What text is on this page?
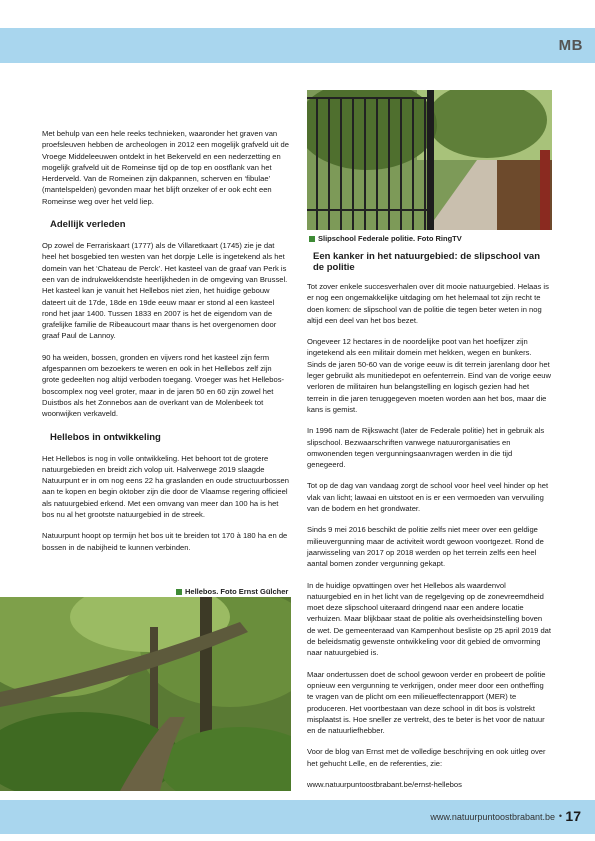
MB
Slipschool Federale politie. Foto RingTV

Met behulp van een hele reeks technieken, waaronder het graven van proefsleuven hebben de archeologen in 2012 een mogelijk grafveld uit de Vroege Middeleeuwen ontdekt in het Bekerveld en een nederzetting en mogelijk grafveld uit de Romeinse tijd op de top en oostflank van het Herderveld. Van de Romeinen zijn dakpannen, scherven en ‘fibulae’ (mantelspelden) gevonden maar het blijft onzeker of er ook echt een Romeinse weg over het veld liep.

Adellijk verleden

Op zowel de Ferrariskaart (1777) als de Villaretkaart (1745) zie je dat heel het bosgebied ten westen van het dorpje Lelle is ingetekend als het domein van het ‘Chateau de Perck’. Het kasteel van de graaf van Perk is een van de indrukwekkendste heerlijkheden in de omgeving van Brussel. Het kasteel kan je vanuit het Hellebos niet zien, het huidige gebouw dateert uit de 17de, 18de en 19de eeuw maar er stond al een kasteel rond het jaar 1400. Tussen 1833 en 2007 is het de eigendom van de grafelijke familie de Ribeaucourt maar thans is het overgenomen door graaf Paul de Lannoy.

90 ha weiden, bossen, gronden en vijvers rond het kasteel zijn ferm afgespannen om bezoekers te weren en ook in het Hellebos zelf zijn grote gedeelten nog altijd verboden toegang. Vroeger was het Hellebos-boscomplex nog veel groter, maar in de jaren 50 en 60 zijn zowel het Duistbos als het Zonnebos aan de overkant van de Molenbeek tot woonwijken verkaveld.

Hellebos in ontwikkeling

Het Hellebos is nog in volle ontwikkeling. Het behoort tot de grotere natuurgebieden en breidt zich volop uit. Halverwege 2019 slaagde Natuurpunt er in om nog eens 22 ha graslanden en oude structuurbossen aan te kopen en begin oktober zijn die door de Vlaamse regering officieel als natuurgebied erkend. Met een omvang van meer dan 100 ha is het bos nu al het grootste natuurgebied in de streek.

Natuurpunt hoopt op termijn het bos uit te breiden tot 170 à 180 ha en de bossen in de nabijheid te kunnen verbinden.

Hellebos. Foto Ernst Gülcher
Een kanker in het natuurgebied: de slipschool van de politie

Tot zover enkele succesverhalen over dit mooie natuurgebied. Helaas is er nog een ongemakkelijke uitdaging om het helemaal tot zijn recht te doen komen: de slipschool van de politie die tegen beter weten in nog altijd een deel van het bos bezet.

Ongeveer 12 hectares in de noordelijke poot van het hoefijzer zijn ingetekend als een militair domein met hekken, wegen en bunkers. Sinds de jaren 50-60 van de vorige eeuw is dit terrein jarenlang door het leger gebruikt als munitiedepot en oefenterrein. Eind van de vorige eeuw verloren de militairen hun belangstelling en logisch gezien had het terrein in die jaren teruggegeven moeten worden aan het bos, maar die kans is gemist.

In 1996 nam de Rijkswacht (later de Federale politie) het in gebruik als slipschool. Bezwaarschriften vanwege natuurorganisaties en omwonenden tegen vergunningsaanvragen werden in die tijd genegeerd.

Tot op de dag van vandaag zorgt de school voor heel veel hinder op het vlak van licht; lawaai en uitstoot en is er een vermoeden van vervuiling van de bodem en het grondwater.

Sinds 9 mei 2016 beschikt de politie zelfs niet meer over een geldige milieuvergunning maar de activiteit wordt gewoon voortgezet. Rond de jaarwisseling van 2017 op 2018 werden op het terrein zelfs een heel aantal bomen zonder vergunning gekapt.

In de huidige opvattingen over het Hellebos als waardenvol natuurgebied en in het licht van de regelgeving op de zonevreemdheid moet deze slipschool uiteraard dringend naar een andere locatie verhuizen. Maar blijkbaar staat de politie als overheidsinstelling boven de wet. De gemeenteraad van Kampenhout besliste op 25 april 2019 dat de beleidsmatig gewenste ontwikkeling voor dit gebied de omvorming naar natuurgebied is.

Maar ondertussen doet de school gewoon verder en probeert de politie opnieuw een vergunning te verkrijgen, onder meer door een ontheffing te vragen van de plicht om een milieueffectenrapport (MER) te produceren. Het voortbestaan van deze school in dit bos is volstrekt misplaatst is. Hoe sneller ze vertrekt, des te beter is het voor de natuur en de natuurliefhebber.

Voor de blog van Ernst met de volledige beschrijving en ook uitleg over het gehucht Lelle, en de referenties, zie:

www.natuurpuntoostbrabant.be/ernst-hellebos

www.natuurpuntoostbrabant.be • 17
